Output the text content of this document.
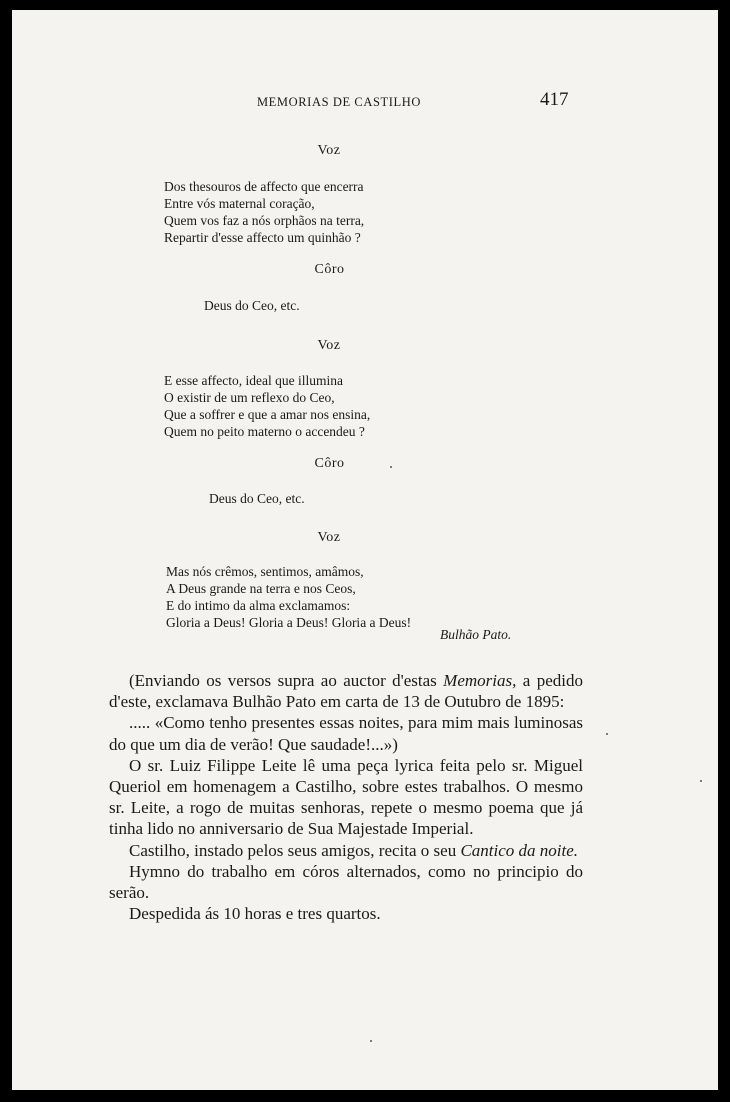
MEMORIAS DE CASTILHO	417
Voz
Dos thesouros de affecto que encerra
Entre vós maternal coração,
Quem vos faz a nós orphãos na terra,
Repartir d'esse affecto um quinhão ?
Côro
Deus do Ceo, etc.
Voz
E esse affecto, ideal que illumina
O existir de um reflexo do Ceo,
Que a soffrer e que a amar nos ensina,
Quem no peito materno o accendeu ?
Côro
Deus do Ceo, etc.
Voz
Mas nós crêmos, sentimos, amâmos,
A Deus grande na terra e nos Ceos,
E do intimo da alma exclamamos:
Gloria a Deus! Gloria a Deus! Gloria a Deus!
Bulhão Pato.

(Enviando os versos supra ao auctor d'estas Memorias, a pedido d'este, exclamava Bulhão Pato em carta de 13 de Outubro de 1895:

..... «Como tenho presentes essas noites, para mim mais luminosas do que um dia de verão! Que saudade!...»)

O sr. Luiz Filippe Leite lê uma peça lyrica feita pelo sr. Miguel Queriol em homenagem a Castilho, sobre estes trabalhos. O mesmo sr. Leite, a rogo de muitas senhoras, repete o mesmo poema que já tinha lido no anniversario de Sua Majestade Imperial.

Castilho, instado pelos seus amigos, recita o seu Cantico da noite.

Hymno do trabalho em córos alternados, como no principio do serão.

Despedida ás 10 horas e tres quartos.
